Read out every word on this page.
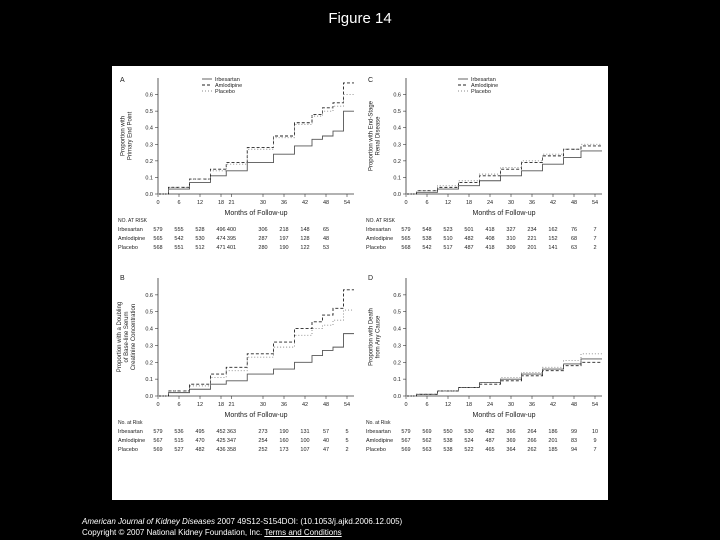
Figure 14
A
0.0
0.1
0.2
0.3
0.4
0.5
0.6
0	6	12	18 21	30	36	42	48	54
Months of Follow-up
Proportion with Primary End Point
Irbesartan
Amlodipine
Placebo
NO. AT RISK
Irbesartan 579 555 528 496 400	306 218 148 65
Amlodipine 565 542 530 474 395	287 197 128 48
Placebo	568 551 512 471 401	280 190 122 53
C
0.0
0.1
0.2
0.3
0.4
0.5
0.6
0	6	12	18	24	30	36	42	48	54
Months of Follow-up
Proportion with End-Stage Renal Disease
Irbesartan
Amlodipine
Placebo
NO. AT RISK
Irbesartan 579 548 523 501 418 327 234 162 76	7
Amlodipine 565 538 510 482 408 310 221 152 68	7
Placebo	568 542 517 487 418 309 201 141 63	2
B
0.0
0.1
0.2
0.3
0.4
0.5
0.6
0	6	12	18 21	30	36	42	48	54
Months of Follow-up
Proportion with a Doubling of Base-line Serum Creatinine Concentration
No. at Risk
Irbesartan 579 536 495 452 363	273 190 131 57	5
Amlodipine 567 515 470 425 347	254 160 100 40	5
Placebo	569 527 482 436 358	252 173 107 47	2
D
0.0
0.1
0.2
0.3
0.4
0.5
0.6
0	6	12	18	24	30	36	42	48	54
Months of Follow-up
Proportion with Death from Any Cause
No. at Risk
Irbesartan 579 569 550 530 482 366 264 186 99	10
Amlodipine 567 562 538 524 487 369 266 201 83	9
Placebo	569 563 538 522 465 364 262 185 94	7
American Journal of Kidney Diseases 2007 49S12-S154DOI: (10.1053/j.ajkd.2006.12.005)
Copyright © 2007 National Kidney Foundation, Inc. Terms and Conditions
